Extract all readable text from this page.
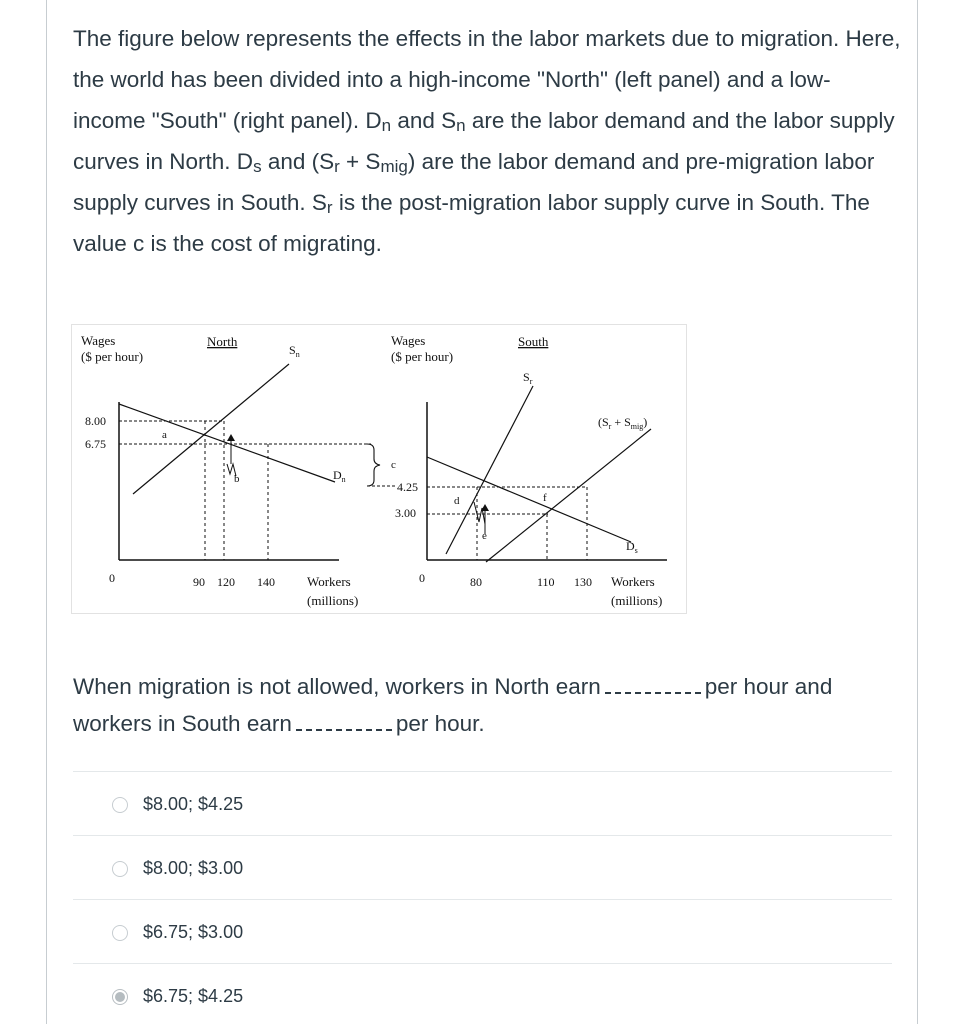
The figure below represents the effects in the labor markets due to migration. Here, the world has been divided into a high-income "North" (left panel) and a low-income "South" (right panel). $D_n$ and $S_n$ are the labor demand and the labor supply curves in North. $D_s$ and $(S_r + S_{mig})$ are the labor demand and pre-migration labor supply curves in South. $S_r$ is the post-migration labor supply curve in South. The value c is the cost of migrating.
Wages
($ per hour)
North
8.00
6.75
0
$S_n$
$D_n$
a
b
90 120 140 Workers
(millions)
c
Wages
($ per hour)
South
4.25
3.00
0
$S_r$
$(S_r + S_{mig})$
$D_s$
d
e
f
80	110 130 Workers
(millions)
When migration is not allowed, workers in North earn	per hour and workers in South earn	per hour.
$8.00; $4.25
$8.00; $3.00
$6.75; $3.00
$6.75; $4.25
